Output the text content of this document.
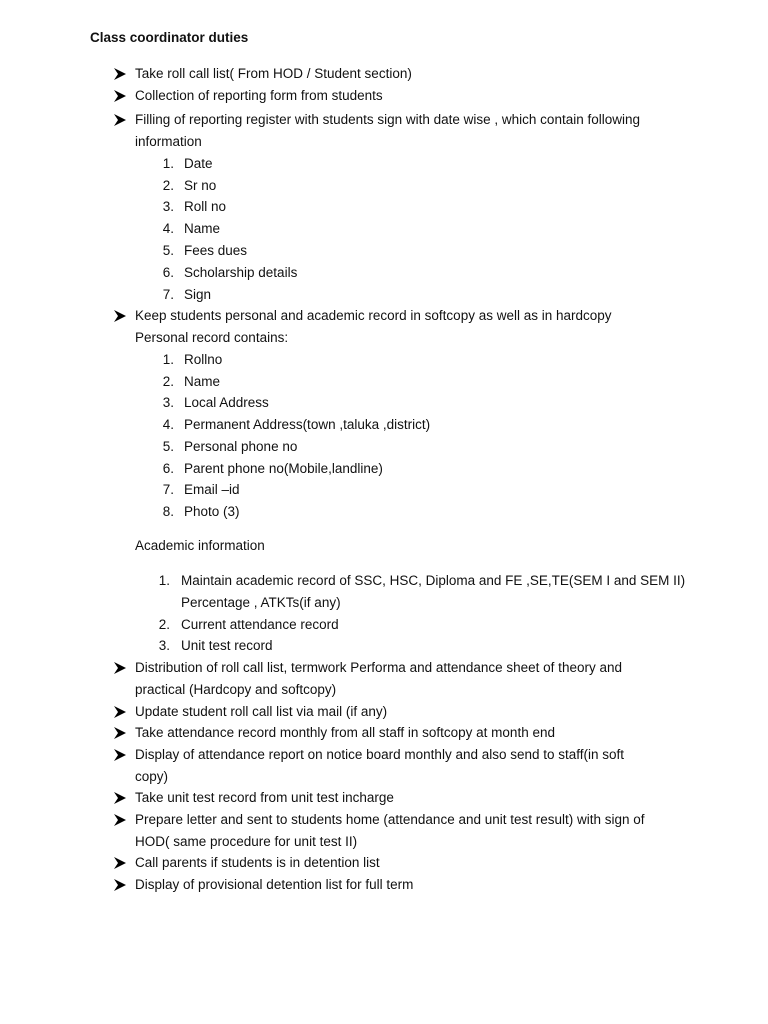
Class coordinator duties
Take roll call list( From HOD / Student section)
Collection of reporting form from students
Filling of reporting register with students sign with date wise , which contain following
information
1. Date
2. Sr no
3. Roll no
4. Name
5. Fees dues
6. Scholarship details
7. Sign
Keep students personal and academic record in softcopy as well as in hardcopy
Personal record contains:
1. Rollno
2. Name
3. Local Address
4. Permanent Address(town ,taluka ,district)
5. Personal phone no
6. Parent phone no(Mobile,landline)
7. Email –id
8. Photo (3)
Academic information
1. Maintain academic record of SSC, HSC, Diploma and FE ,SE,TE(SEM I and SEM II)
Percentage , ATKTs(if any)
2. Current attendance record
3. Unit test record
Distribution of roll call list, termwork Performa and attendance sheet of theory and
practical (Hardcopy and softcopy)
Update student roll call list via mail (if any)
Take attendance record monthly from all staff in softcopy at month end
Display of attendance report on notice board monthly and also send to staff(in soft
copy)
Take unit test record from unit test incharge
Prepare letter and sent to students home (attendance and unit test result) with sign of
HOD( same procedure for unit test II)
Call parents if students is in detention list
Display of provisional detention list for full term
